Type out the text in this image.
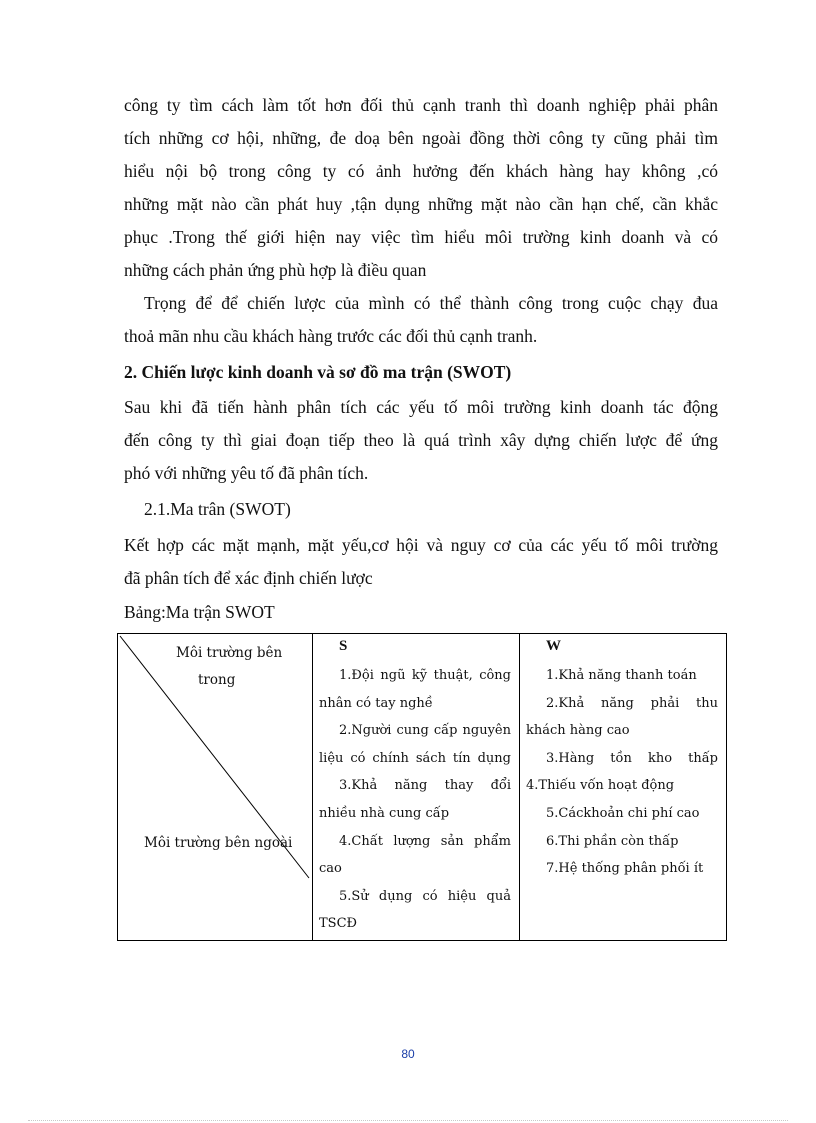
công ty tìm cách làm tốt hơn đối thủ cạnh tranh thì doanh nghiệp phải phân
tích những cơ hội, những, đe doạ bên ngoài đồng thời công ty cũng phải tìm
hiểu nội bộ trong công ty có ảnh hưởng đến khách hàng hay không ,có
những mặt nào cần phát huy ,tận dụng những mặt nào cần hạn chế, cần khắc
phục .Trong thế giới hiện nay việc tìm hiểu môi trường kinh doanh và có
những cách phản ứng phù hợp là điều quan
Trọng để để chiến lược của mình có thể thành công trong cuộc chạy đua
thoả mãn nhu cầu khách hàng trước các đối thủ cạnh tranh.
2. Chiến lược kinh doanh và sơ đồ ma trận (SWOT)
Sau khi đã tiến hành phân tích các yếu tố môi trường kinh doanh tác động
đến công ty thì giai đoạn tiếp theo là quá trình xây dựng chiến lược để ứng
phó với những yêu tố đã phân tích.
2.1.Ma trân (SWOT)
Kết hợp các mặt mạnh, mặt yếu,cơ hội và nguy cơ của các yếu tố môi trường
đã phân tích để xác định chiến lược
Bảng:Ma trận SWOT
Môi trường bên
trong
Môi trường bên ngoài
S

1.Đội ngũ kỹ thuật, công

nhân có tay nghề

2.Người cung cấp nguyên

liệu có chính sách tín dụng

3.Khả năng thay đổi

nhiều nhà cung cấp

4.Chất lượng sản phẩm

cao

5.Sử dụng có hiệu quả

TSCĐ

W

1.Khả năng thanh toán

2.Khả năng phải thu

khách hàng cao

3.Hàng tồn kho thấp

4.Thiếu vốn hoạt động

5.Cáckhoản chi phí cao

6.Thi phần còn thấp

7.Hệ thống phân phối ít

80
